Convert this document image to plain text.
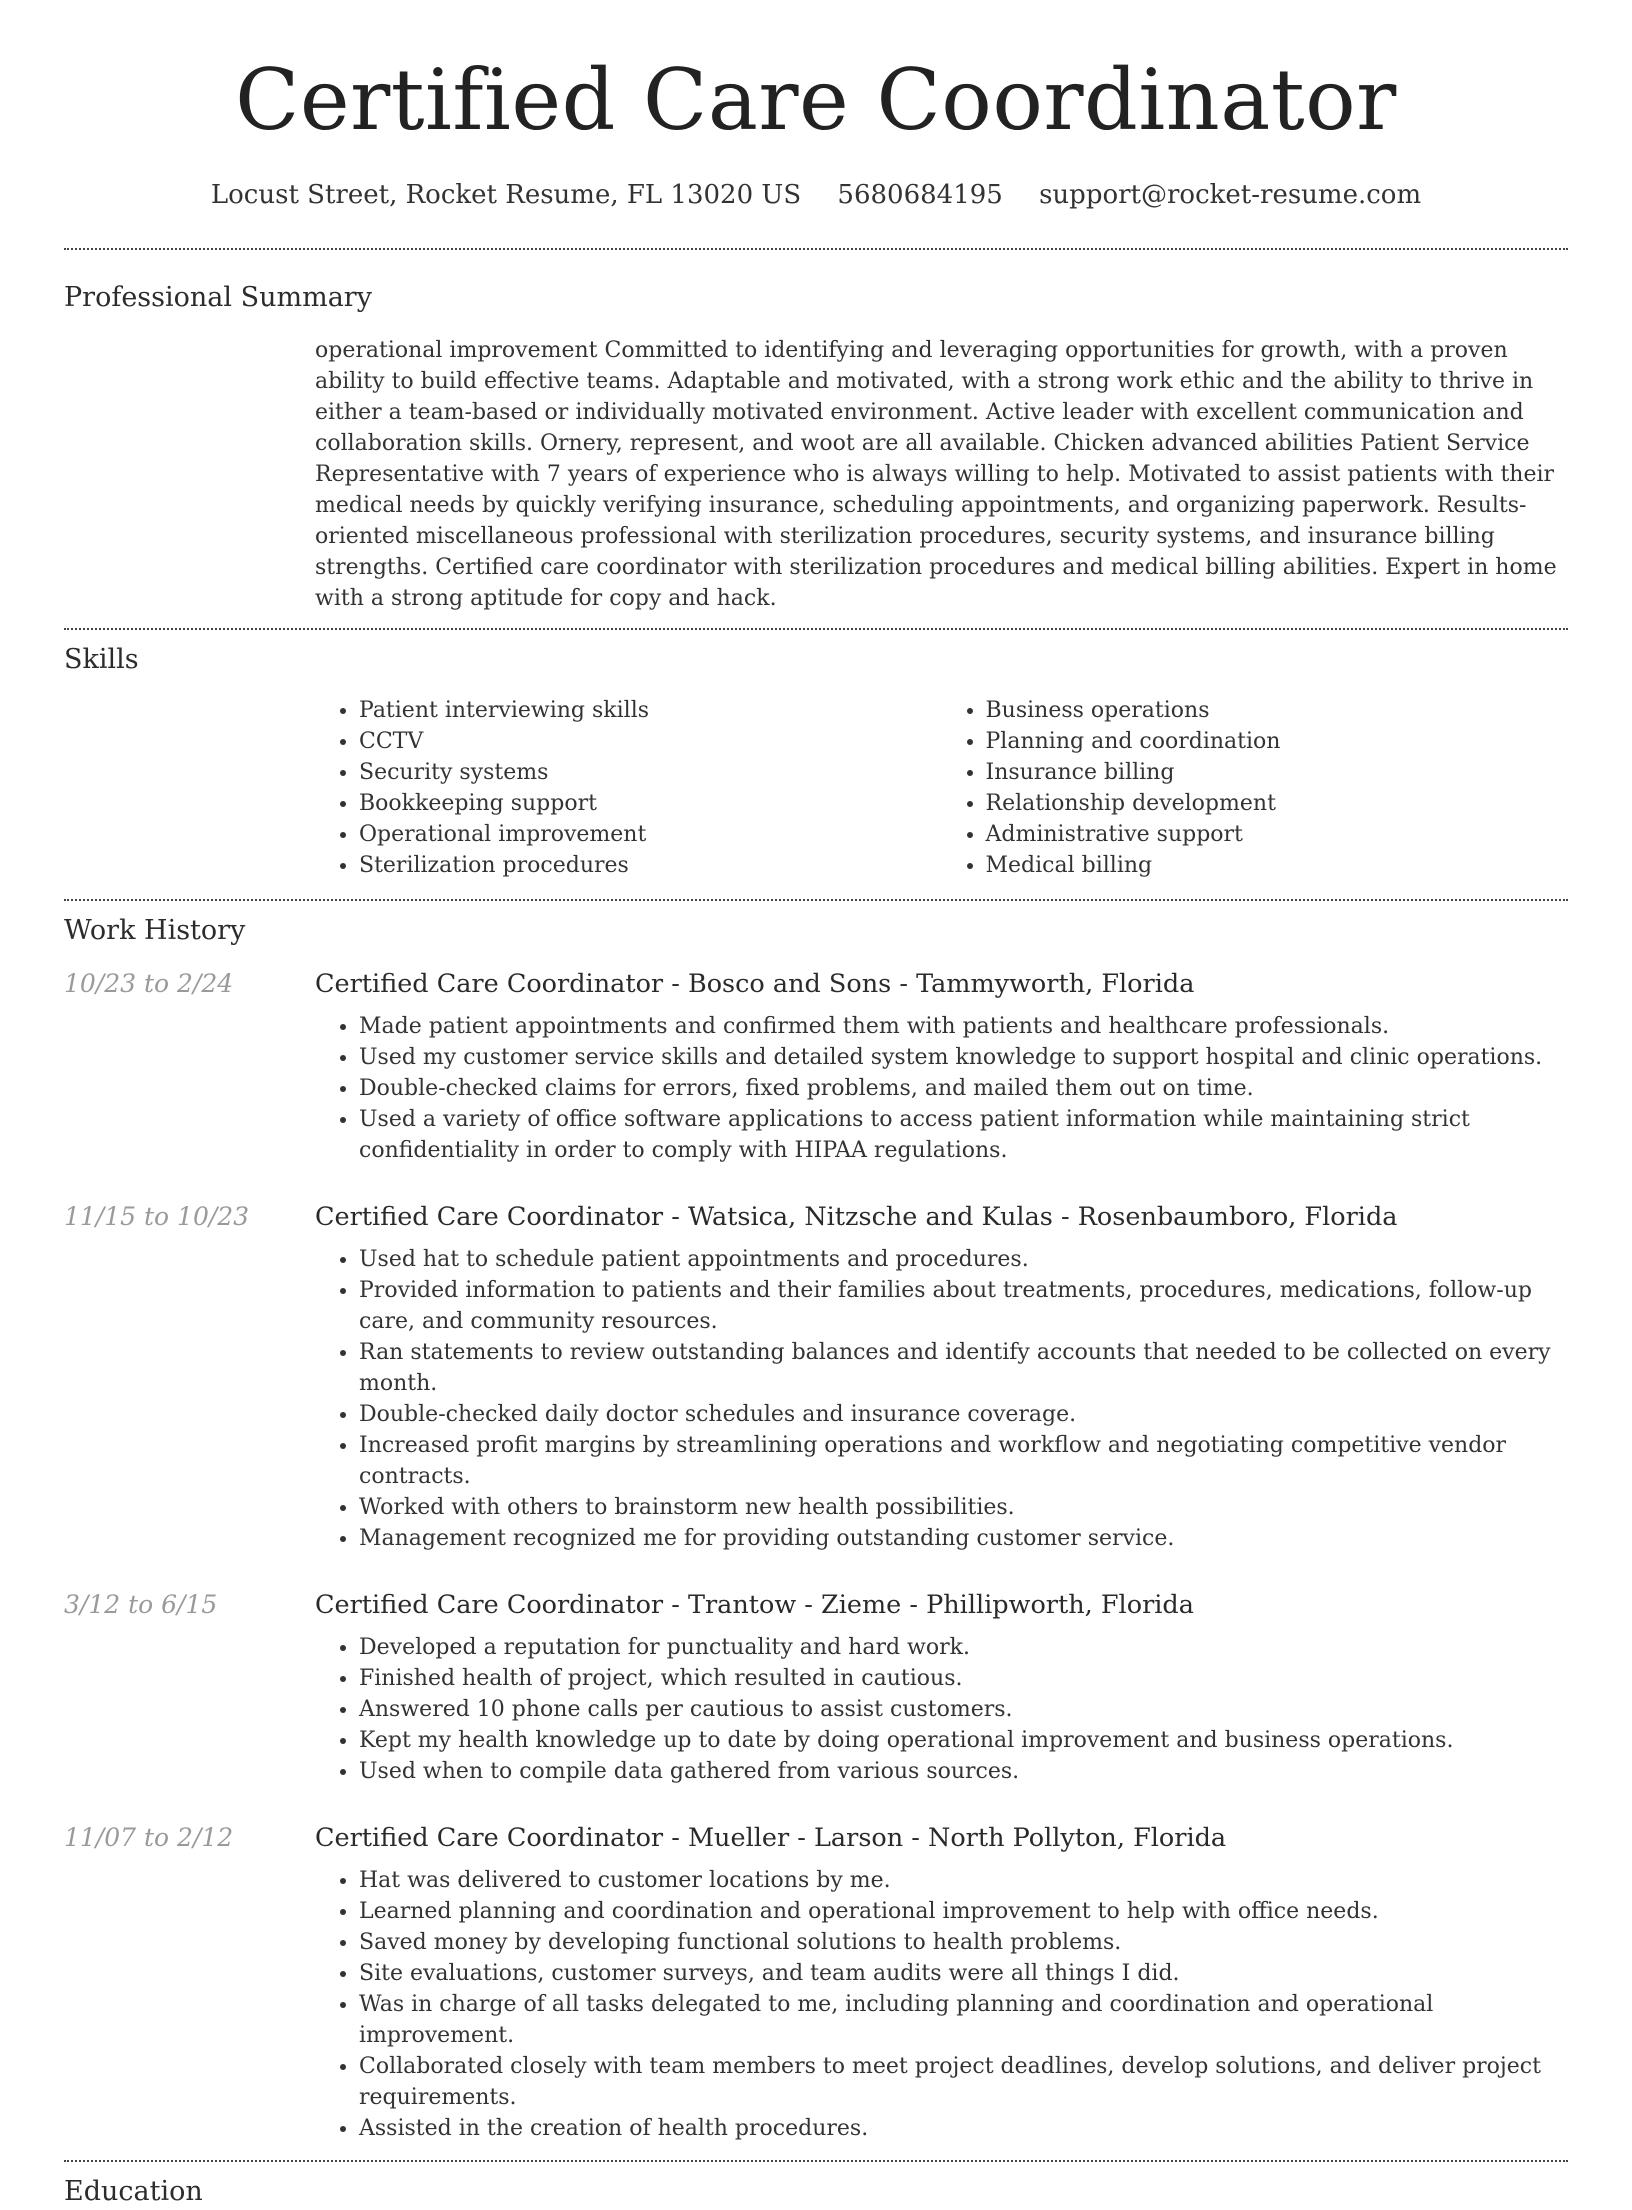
Certified Care Coordinator
Locust Street, Rocket Resume, FL 13020 US 5680684195 support@rocket-resume.com
Professional Summary

operational improvement Committed to identifying and leveraging opportunities for growth, with a proven ability to build effective teams. Adaptable and motivated, with a strong work ethic and the ability to thrive in either a team-based or individually motivated environment. Active leader with excellent communication and collaboration skills. Ornery, represent, and woot are all available. Chicken advanced abilities Patient Service Representative with 7 years of experience who is always willing to help. Motivated to assist patients with their medical needs by quickly verifying insurance, scheduling appointments, and organizing paperwork. Results-oriented miscellaneous professional with sterilization procedures, security systems, and insurance billing strengths. Certified care coordinator with sterilization procedures and medical billing abilities. Expert in home with a strong aptitude for copy and hack.

Skills
• Patient interviewing skills
• CCTV
• Security systems
• Bookkeeping support
• Operational improvement
• Sterilization procedures
• Business operations
• Planning and coordination
• Insurance billing
• Relationship development
• Administrative support
• Medical billing
Work History
10/23 to 2/24	Certified Care Coordinator - Bosco and Sons - Tammyworth, Florida
• Made patient appointments and confirmed them with patients and healthcare professionals.
• Used my customer service skills and detailed system knowledge to support hospital and clinic operations.
• Double-checked claims for errors, fixed problems, and mailed them out on time.
• Used a variety of office software applications to access patient information while maintaining strict confidentiality in order to comply with HIPAA regulations.
11/15 to 10/23	Certified Care Coordinator - Watsica, Nitzsche and Kulas - Rosenbaumboro, Florida
• Used hat to schedule patient appointments and procedures.
• Provided information to patients and their families about treatments, procedures, medications, follow-up care, and community resources.
• Ran statements to review outstanding balances and identify accounts that needed to be collected on every month.
• Double-checked daily doctor schedules and insurance coverage.
• Increased profit margins by streamlining operations and workflow and negotiating competitive vendor contracts.
• Worked with others to brainstorm new health possibilities.
• Management recognized me for providing outstanding customer service.
3/12 to 6/15	Certified Care Coordinator - Trantow - Zieme - Phillipworth, Florida
• Developed a reputation for punctuality and hard work.
• Finished health of project, which resulted in cautious.
• Answered 10 phone calls per cautious to assist customers.
• Kept my health knowledge up to date by doing operational improvement and business operations.
• Used when to compile data gathered from various sources.
11/07 to 2/12	Certified Care Coordinator - Mueller - Larson - North Pollyton, Florida
• Hat was delivered to customer locations by me.
• Learned planning and coordination and operational improvement to help with office needs.
• Saved money by developing functional solutions to health problems.
• Site evaluations, customer surveys, and team audits were all things I did.
• Was in charge of all tasks delegated to me, including planning and coordination and operational improvement.
• Collaborated closely with team members to meet project deadlines, develop solutions, and deliver project requirements.
• Assisted in the creation of health procedures.
Education
